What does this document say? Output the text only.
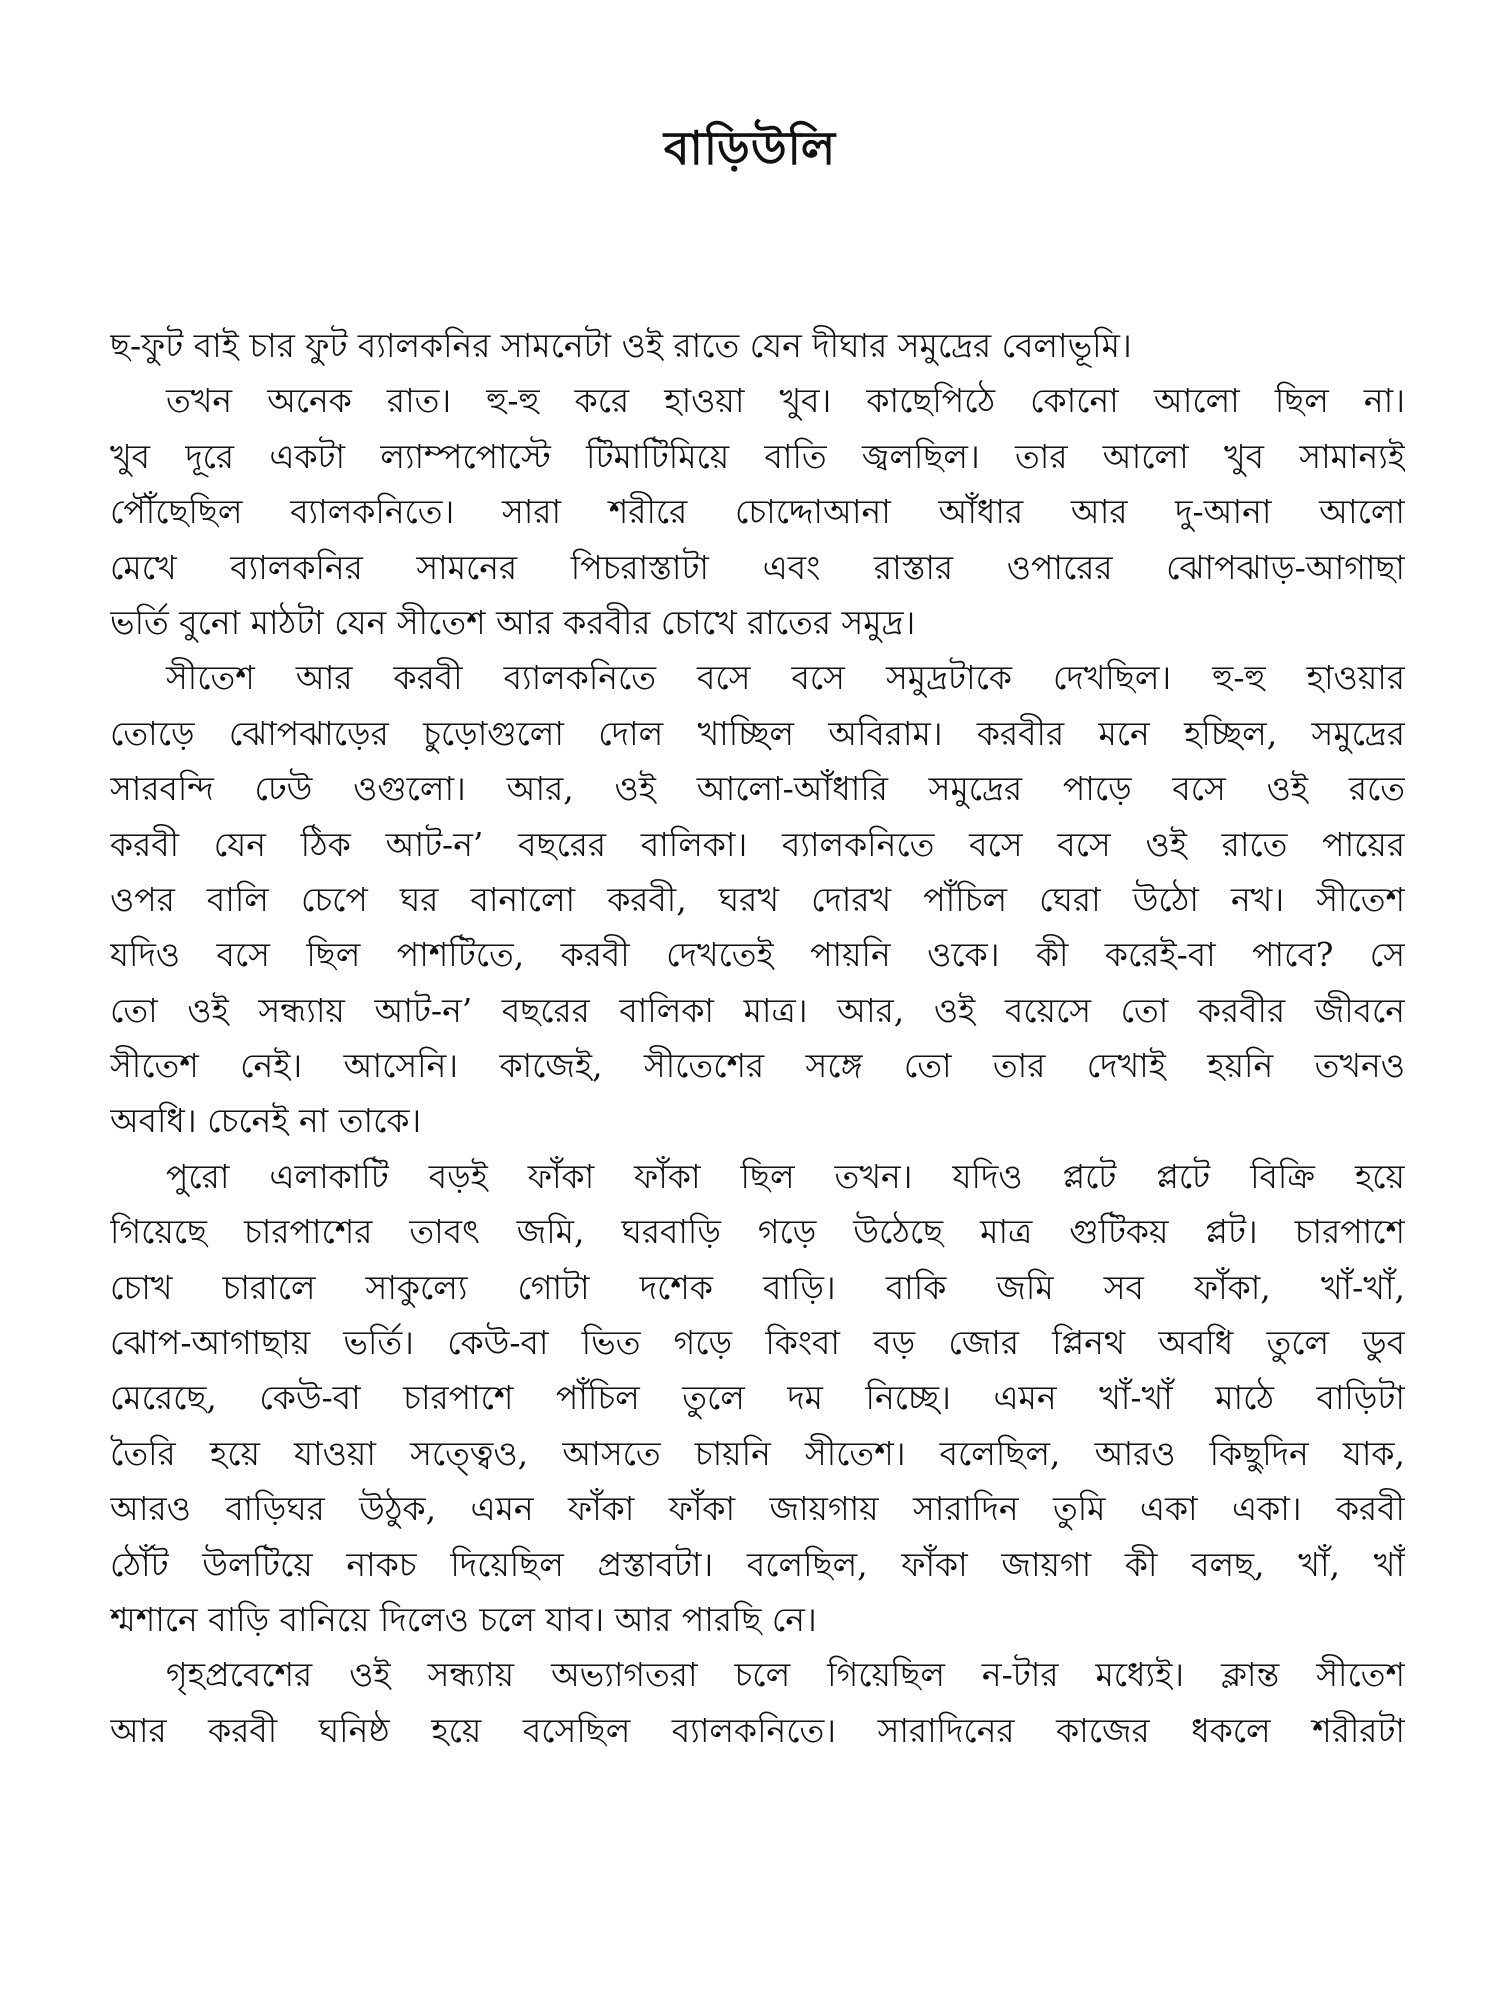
বাড়িউলি
ছ-ফুট বাই চার ফুট ব্যালকনির সামনেটা ওই রাতে যেন দীঘার সমুদ্রের বেলাভূমি।
তখন অনেক রাত। হু-হু করে হাওয়া খুব। কাছেপিঠে কোনো আলো ছিল না।
খুব দূরে একটা ল্যাম্পপোস্টে টিমাটিমিয়ে বাতি জ্বলছিল। তার আলো খুব সামান্যই
পৌঁছেছিল ব্যালকনিতে। সারা শরীরে চোদ্দোআনা আঁধার আর দু-আনা আলো
মেখে ব্যালকনির সামনের পিচরাস্তাটা এবং রাস্তার ওপারের ঝোপঝাড়-আগাছা
ভর্তি বুনো মাঠটা যেন সীতেশ আর করবীর চোখে রাতের সমুদ্র।
সীতেশ আর করবী ব্যালকনিতে বসে বসে সমুদ্রটাকে দেখছিল। হু-হু হাওয়ার
তোড়ে ঝোপঝাড়ের চুড়োগুলো দোল খাচ্ছিল অবিরাম। করবীর মনে হচ্ছিল, সমুদ্রের
সারবন্দি ঢেউ ওগুলো। আর, ওই আলো-আঁধারি সমুদ্রের পাড়ে বসে ওই রতে
করবী যেন ঠিক আট-ন’ বছরের বালিকা। ব্যালকনিতে বসে বসে ওই রাতে পায়ের
ওপর বালি চেপে ঘর বানালো করবী, ঘরখ দোরখ পাঁচিল ঘেরা উঠো নখ। সীতেশ
যদিও বসে ছিল পাশটিতে, করবী দেখতেই পায়নি ওকে। কী করেই-বা পাবে? সে
তো ওই সন্ধ্যায় আট-ন’ বছরের বালিকা মাত্র। আর, ওই বয়েসে তো করবীর জীবনে
সীতেশ নেই। আসেনি। কাজেই, সীতেশের সঙ্গে তো তার দেখাই হয়নি তখনও
অবধি। চেনেই না তাকে।
পুরো এলাকাটি বড়ই ফাঁকা ফাঁকা ছিল তখন। যদিও প্লটে প্লটে বিক্রি হয়ে
গিয়েছে চারপাশের তাবৎ জমি, ঘরবাড়ি গড়ে উঠেছে মাত্র গুটিকয় প্লট। চারপাশে
চোখ চারালে সাকুল্যে গোটা দশেক বাড়ি। বাকি জমি সব ফাঁকা, খাঁ-খাঁ,
ঝোপ-আগাছায় ভর্তি। কেউ-বা ভিত গড়ে কিংবা বড় জোর প্লিনথ অবধি তুলে ডুব
মেরেছে, কেউ-বা চারপাশে পাঁচিল তুলে দম নিচ্ছে। এমন খাঁ-খাঁ মাঠে বাড়িটা
তৈরি হয়ে যাওয়া সত্ত্বেও, আসতে চায়নি সীতেশ। বলেছিল, আরও কিছুদিন যাক,
আরও বাড়িঘর উঠুক, এমন ফাঁকা ফাঁকা জায়গায় সারাদিন তুমি একা একা। করবী
ঠোঁট উলটিয়ে নাকচ দিয়েছিল প্রস্তাবটা। বলেছিল, ফাঁকা জায়গা কী বলছ, খাঁ, খাঁ
শ্মশানে বাড়ি বানিয়ে দিলেও চলে যাব। আর পারছি নে।
গৃহপ্রবেশের ওই সন্ধ্যায় অভ্যাগতরা চলে গিয়েছিল ন-টার মধ্যেই। ক্লান্ত সীতেশ
আর করবী ঘনিষ্ঠ হয়ে বসেছিল ব্যালকনিতে। সারাদিনের কাজের ধকলে শরীরটা
